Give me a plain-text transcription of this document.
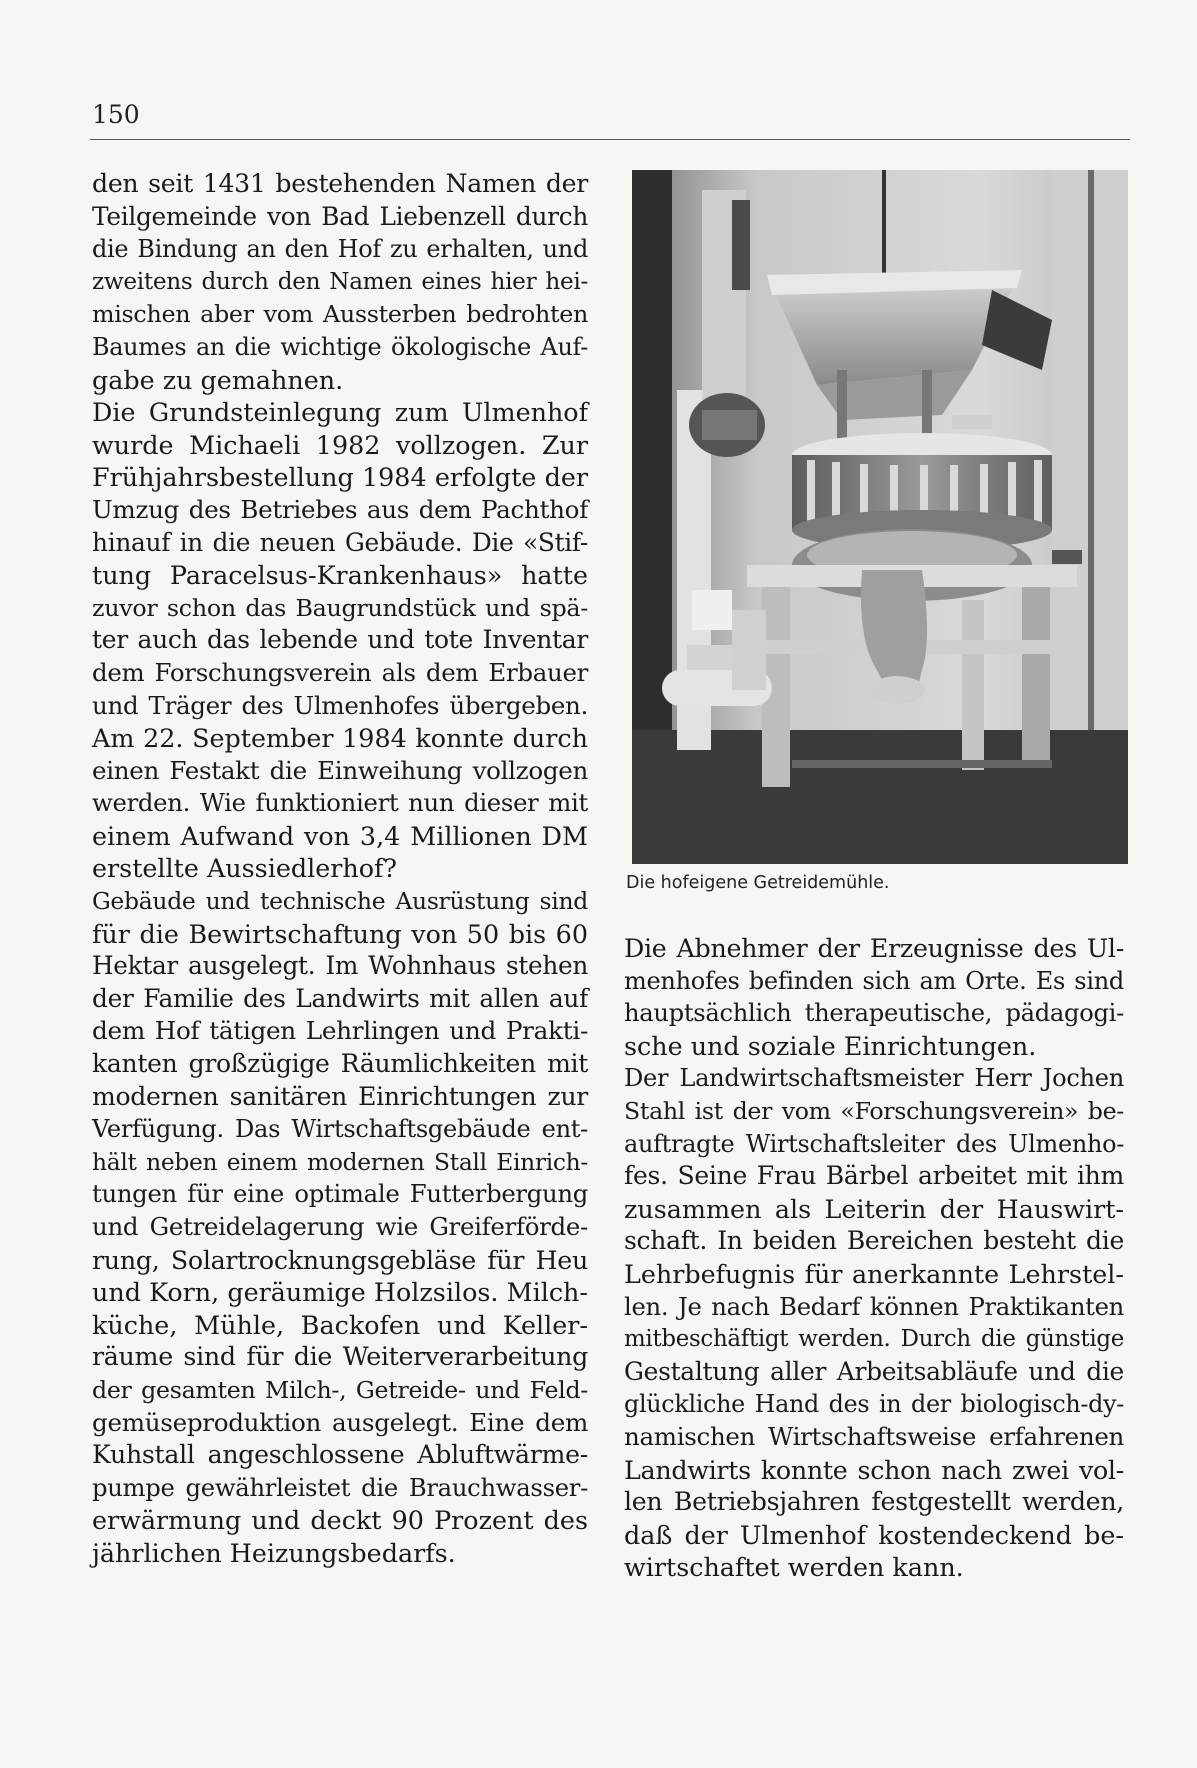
150
den seit 1431 bestehenden Namen der
Teilgemeinde von Bad Liebenzell durch
die Bindung an den Hof zu erhalten, und
zweitens durch den Namen eines hier hei-
mischen aber vom Aussterben bedrohten
Baumes an die wichtige ökologische Auf-
gabe zu gemahnen.
Die Grundsteinlegung zum Ulmenhof
wurde Michaeli 1982 vollzogen. Zur
Frühjahrsbestellung 1984 erfolgte der
Umzug des Betriebes aus dem Pachthof
hinauf in die neuen Gebäude. Die «Stif-
tung Paracelsus-Krankenhaus» hatte
zuvor schon das Baugrundstück und spä-
ter auch das lebende und tote Inventar
dem Forschungsverein als dem Erbauer
und Träger des Ulmenhofes übergeben.
Am 22. September 1984 konnte durch
einen Festakt die Einweihung vollzogen
werden. Wie funktioniert nun dieser mit
einem Aufwand von 3,4 Millionen DM
erstellte Aussiedlerhof?
Gebäude und technische Ausrüstung sind
für die Bewirtschaftung von 50 bis 60
Hektar ausgelegt. Im Wohnhaus stehen
der Familie des Landwirts mit allen auf
dem Hof tätigen Lehrlingen und Prakti-
kanten großzügige Räumlichkeiten mit
modernen sanitären Einrichtungen zur
Verfügung. Das Wirtschaftsgebäude ent-
hält neben einem modernen Stall Einrich-
tungen für eine optimale Futterbergung
und Getreidelagerung wie Greiferförde-
rung, Solartrocknungsgebläse für Heu
und Korn, geräumige Holzsilos. Milch-
küche, Mühle, Backofen und Keller-
räume sind für die Weiterverarbeitung
der gesamten Milch-, Getreide- und Feld-
gemüseproduktion ausgelegt. Eine dem
Kuhstall angeschlossene Abluftwärme-
pumpe gewährleistet die Brauchwasser-
erwärmung und deckt 90 Prozent des
jährlichen Heizungsbedarfs.
Die hofeigene Getreidemühle.
Die Abnehmer der Erzeugnisse des Ul-
menhofes befinden sich am Orte. Es sind
hauptsächlich therapeutische, pädagogi-
sche und soziale Einrichtungen.
Der Landwirtschaftsmeister Herr Jochen
Stahl ist der vom «Forschungsverein» be-
auftragte Wirtschaftsleiter des Ulmenho-
fes. Seine Frau Bärbel arbeitet mit ihm
zusammen als Leiterin der Hauswirt-
schaft. In beiden Bereichen besteht die
Lehrbefugnis für anerkannte Lehrstel-
len. Je nach Bedarf können Praktikanten
mitbeschäftigt werden. Durch die günstige
Gestaltung aller Arbeitsabläufe und die
glückliche Hand des in der biologisch-dy-
namischen Wirtschaftsweise erfahrenen
Landwirts konnte schon nach zwei vol-
len Betriebsjahren festgestellt werden,
daß der Ulmenhof kostendeckend be-
wirtschaftet werden kann.
